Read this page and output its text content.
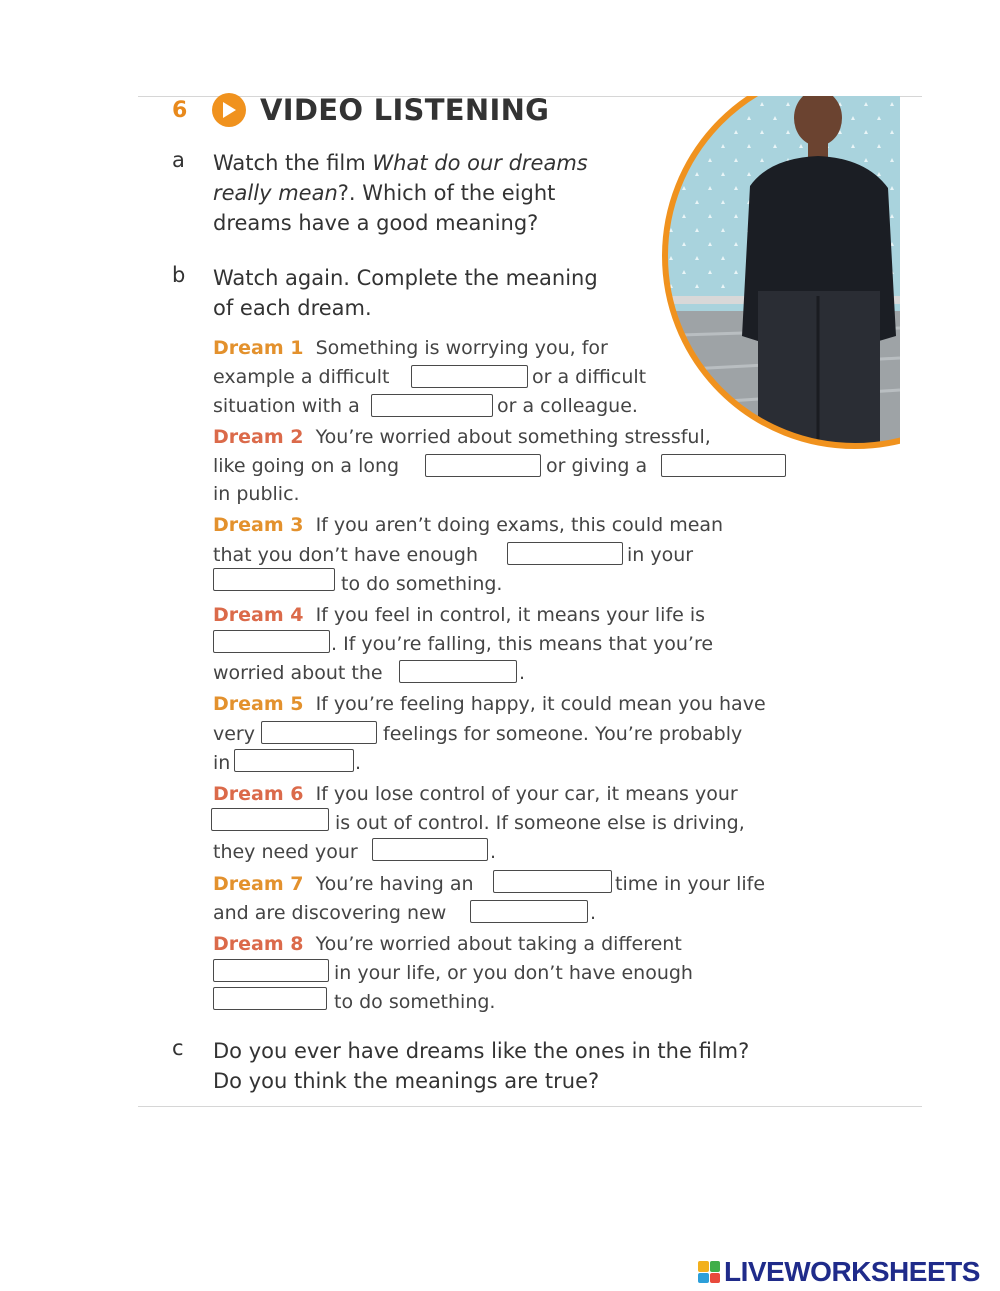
6	VIDEO LISTENING
a Watch the film What do our dreams
really mean?. Which of the eight
dreams have a good meaning?
b Watch again. Complete the meaning
of each dream.
Dream 1 Something is worrying you, for
example a difficult	or a difficult
situation with a	or a colleague.
Dream 2 You’re worried about something stressful,
like going on a long	or giving a
in public.
Dream 3 If you aren’t doing exams, this could mean
that you don’t have enough	in your
to do something.
Dream 4 If you feel in control, it means your life is
. If you’re falling, this means that you’re
worried about the	.
Dream 5 If you’re feeling happy, it could mean you have
very	feelings for someone. You’re probably
in	.
Dream 6 If you lose control of your car, it means your
is out of control. If someone else is driving,
they need your	.
Dream 7 You’re having an	time in your life
and are discovering new	.
Dream 8 You’re worried about taking a different
in your life, or you don’t have enough
to do something.
c Do you ever have dreams like the ones in the film?
Do you think the meanings are true?
LIVEWORKSHEETS
